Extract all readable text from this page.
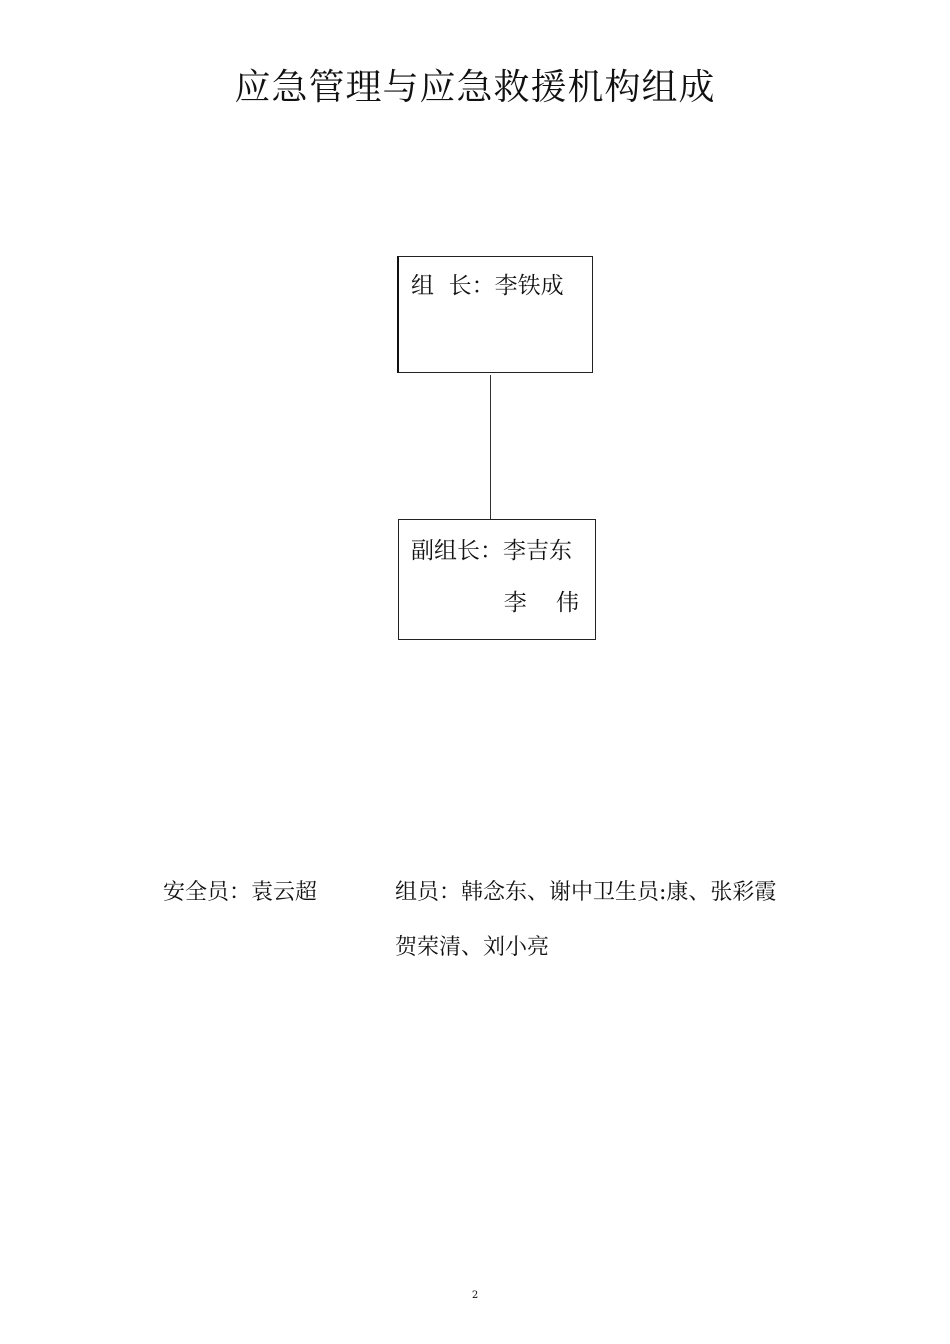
应急管理与应急救援机构组成
组  长：李铁成
副组长：李吉东
李    伟
安全员：袁云超	组员：韩念东、谢中卫生员:康、张彩霞
贺荣清、刘小亮
2
